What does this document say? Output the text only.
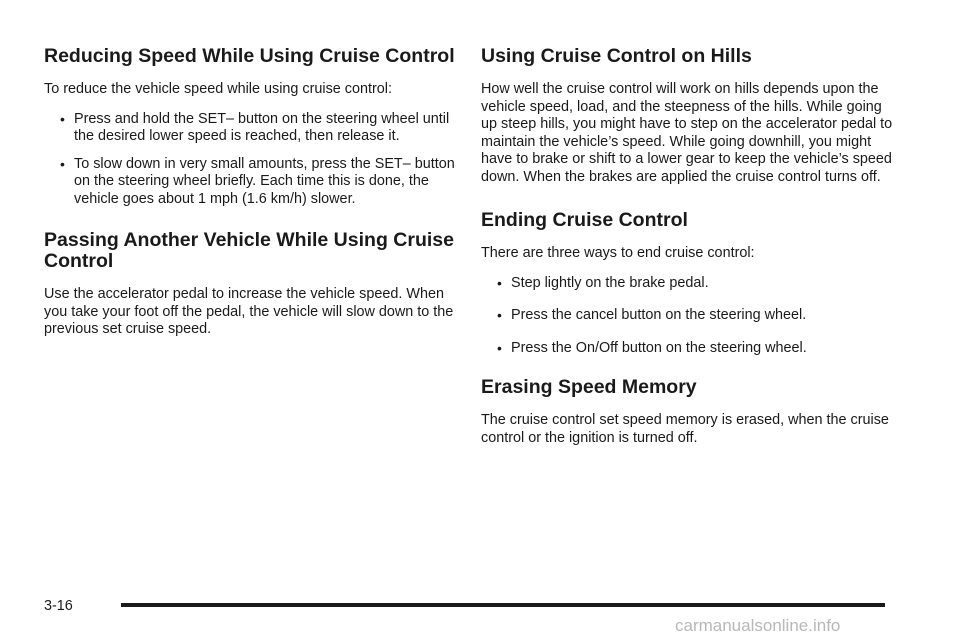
Reducing Speed While Using Cruise Control

To reduce the vehicle speed while using cruise control:

• Press and hold the SET– button on the steering wheel until the desired lower speed is reached, then release it.
• To slow down in very small amounts, press the SET– button on the steering wheel briefly. Each time this is done, the vehicle goes about 1 mph (1.6 km/h) slower.
Passing Another Vehicle While Using Cruise Control

Use the accelerator pedal to increase the vehicle speed. When you take your foot off the pedal, the vehicle will slow down to the previous set cruise speed.

Using Cruise Control on Hills

How well the cruise control will work on hills depends upon the vehicle speed, load, and the steepness of the hills. While going up steep hills, you might have to step on the accelerator pedal to maintain the vehicle’s speed. While going downhill, you might have to brake or shift to a lower gear to keep the vehicle’s speed down. When the brakes are applied the cruise control turns off.

Ending Cruise Control

There are three ways to end cruise control:

• Step lightly on the brake pedal.
• Press the cancel button on the steering wheel.
• Press the On/Off button on the steering wheel.
Erasing Speed Memory

The cruise control set speed memory is erased, when the cruise control or the ignition is turned off.

3-16
carmanualsonline.info
